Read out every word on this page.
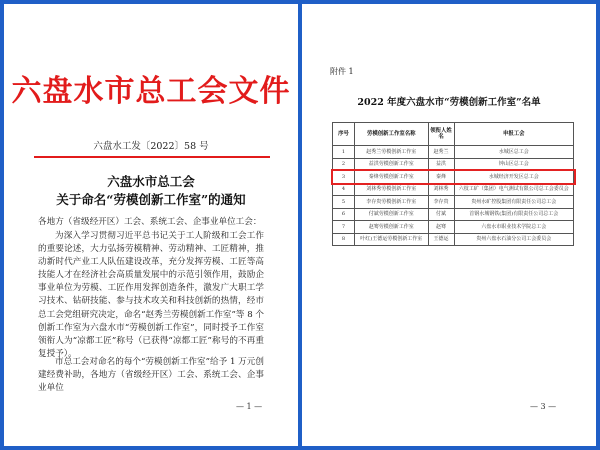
六盘水市总工会文件
六盘水工发〔2022〕58 号
六盘水市总工会
关于命名“劳模创新工作室”的通知
各地方（省级经开区）工会、系统工会、企事业单位工会：
为深入学习贯彻习近平总书记关于工人阶级和工会工作的重要论述，大力弘扬劳模精神、劳动精神、工匠精神，推动新时代产业工人队伍建设改革，充分发挥劳模、工匠等高技能人才在经济社会高质量发展中的示范引领作用，鼓励企事业单位为劳模、工匠作用发挥创造条件，激发广大职工学习技术、钻研技能、参与技术攻关和科技创新的热情，经市总工会党组研究决定，命名“赵秀兰劳模创新工作室”等 8 个创新工作室为六盘水市“劳模创新工作室”，同时授予工作室领衔人为“凉都工匠”称号（已获得“凉都工匠”称号的不再重复授予）。
市总工会对命名的每个“劳模创新工作室”给予 1 万元创建经费补助，各地方（省级经开区）工会、系统工会、企事业单位
— 1 —
附件 1
2022 年度六盘水市“劳模创新工作室”名单
序号	劳模创新工作室名称	领衔人姓名	申报工会
1	赵秀兰劳模创新工作室	赵秀兰	水城区总工会
2	益洪劳模创新工作室	益洪	钟山区总工会
3	秦烽劳模创新工作室	秦烽	水城经济开发区总工会
4	刘林秀劳模创新工作室	刘林秀	六枝工矿（集团）电气测试有限公司总工会委员会
5	李存贵劳模创新工作室	李存贵	贵州水矿控股集团有限责任公司总工会
6	付斌劳模创新工作室	付斌	首钢水城钢铁(集团)有限责任公司总工会
7	赵骞劳模创新工作室	赵骞	六盘水市职业技术学院总工会
8	叶红)王德运劳模创新工作室	王德运	贵州六盘水石油分公司工会委员会
— 3 —
